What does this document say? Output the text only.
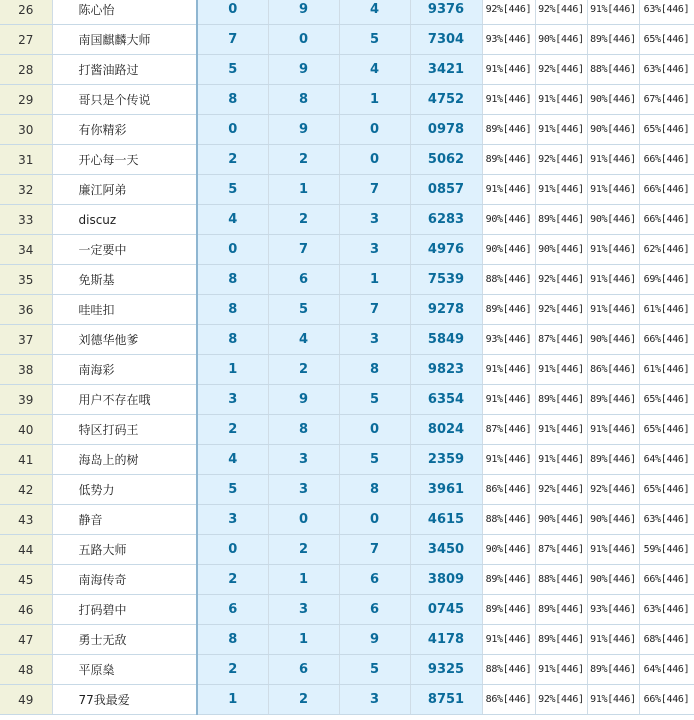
26	陈心怡	0	9	4	9376	92%[446]	92%[446]	91%[446]	63%[446]
27	南国麒麟大师	7	0	5	7304	93%[446]	90%[446]	89%[446]	65%[446]
28	打酱油路过	5	9	4	3421	91%[446]	92%[446]	88%[446]	63%[446]
29	哥只是个传说	8	8	1	4752	91%[446]	91%[446]	90%[446]	67%[446]
30	有你精彩	0	9	0	0978	89%[446]	91%[446]	90%[446]	65%[446]
31	开心每一天	2	2	0	5062	89%[446]	92%[446]	91%[446]	66%[446]
32	廉江阿弟	5	1	7	0857	91%[446]	91%[446]	91%[446]	66%[446]
33	discuz	4	2	3	6283	90%[446]	89%[446]	90%[446]	66%[446]
34	一定要中	0	7	3	4976	90%[446]	90%[446]	91%[446]	62%[446]
35	免斯基	8	6	1	7539	88%[446]	92%[446]	91%[446]	69%[446]
36	哇哇扣	8	5	7	9278	89%[446]	92%[446]	91%[446]	61%[446]
37	刘德华他爹	8	4	3	5849	93%[446]	87%[446]	90%[446]	66%[446]
38	南海彩	1	2	8	9823	91%[446]	91%[446]	86%[446]	61%[446]
39	用户不存在哦	3	9	5	6354	91%[446]	89%[446]	89%[446]	65%[446]
40	特区打码王	2	8	0	8024	87%[446]	91%[446]	91%[446]	65%[446]
41	海岛上的树	4	3	5	2359	91%[446]	91%[446]	89%[446]	64%[446]
42	低势力	5	3	8	3961	86%[446]	92%[446]	92%[446]	65%[446]
43	静音	3	0	0	4615	88%[446]	90%[446]	90%[446]	63%[446]
44	五路大师	0	2	7	3450	90%[446]	87%[446]	91%[446]	59%[446]
45	南海传奇	2	1	6	3809	89%[446]	88%[446]	90%[446]	66%[446]
46	打码碧中	6	3	6	0745	89%[446]	89%[446]	93%[446]	63%[446]
47	勇士无敌	8	1	9	4178	91%[446]	89%[446]	91%[446]	68%[446]
48	平原燊	2	6	5	9325	88%[446]	91%[446]	89%[446]	64%[446]
49	77我最爱	1	2	3	8751	86%[446]	92%[446]	91%[446]	66%[446]
